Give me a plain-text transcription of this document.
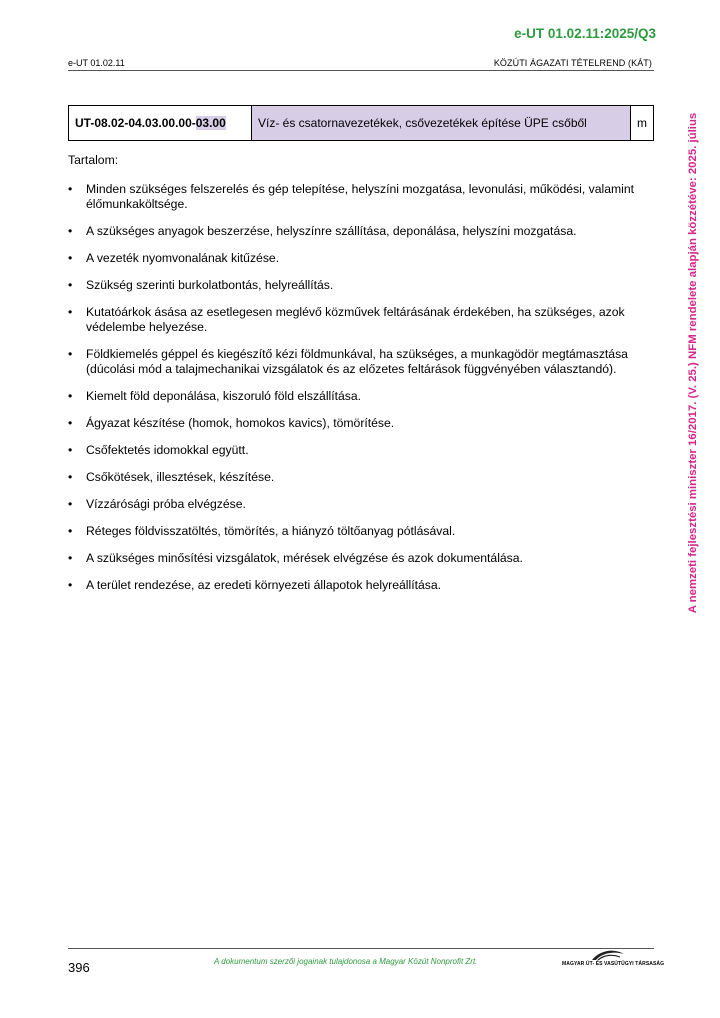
e-UT 01.02.11:2025/Q3
e-UT 01.02.11	KÖZÚTI ÁGAZATI TÉTELREND (KÁT)
UT-08.02-04.03.00.00-03.00	Víz- és csatornavezetékek, csővezetékek építése ÜPE csőből	m
Tartalom:
• Minden szükséges felszerelés és gép telepítése, helyszíni mozgatása, levonulási, működési, valamint élőmunkaköltsége.
• A szükséges anyagok beszerzése, helyszínre szállítása, deponálása, helyszíni mozgatása.
• A vezeték nyomvonalának kitűzése.
• Szükség szerinti burkolatbontás, helyreállítás.
• Kutatóárkok ásása az esetlegesen meglévő közművek feltárásának érdekében, ha szükséges, azok védelembe helyezése.
• Földkiemelés géppel és kiegészítő kézi földmunkával, ha szükséges, a munkagödör megtámasztása (dúcolási mód a talajmechanikai vizsgálatok és az előzetes feltárások függvényében választandó).
• Kiemelt föld deponálása, kiszoruló föld elszállítása.
• Ágyazat készítése (homok, homokos kavics), tömörítése.
• Csőfektetés idomokkal együtt.
• Csőkötések, illesztések, készítése.
• Vízzárósági próba elvégzése.
• Réteges földvisszatöltés, tömörítés, a hiányzó töltőanyag pótlásával.
• A szükséges minősítési vizsgálatok, mérések elvégzése és azok dokumentálása.
• A terület rendezése, az eredeti környezeti állapotok helyreállítása.	A nemzeti fejlesztési miniszter 16/2017. (V. 25.) NFM rendelete alapján közzétéve: 2025. július
396	A dokumentum szerzői jogainak tulajdonosa a Magyar Közút Nonprofit Zrt.	MAGYAR ÚT- ÉS VASÚTÜGYI TÁRSASÁG
